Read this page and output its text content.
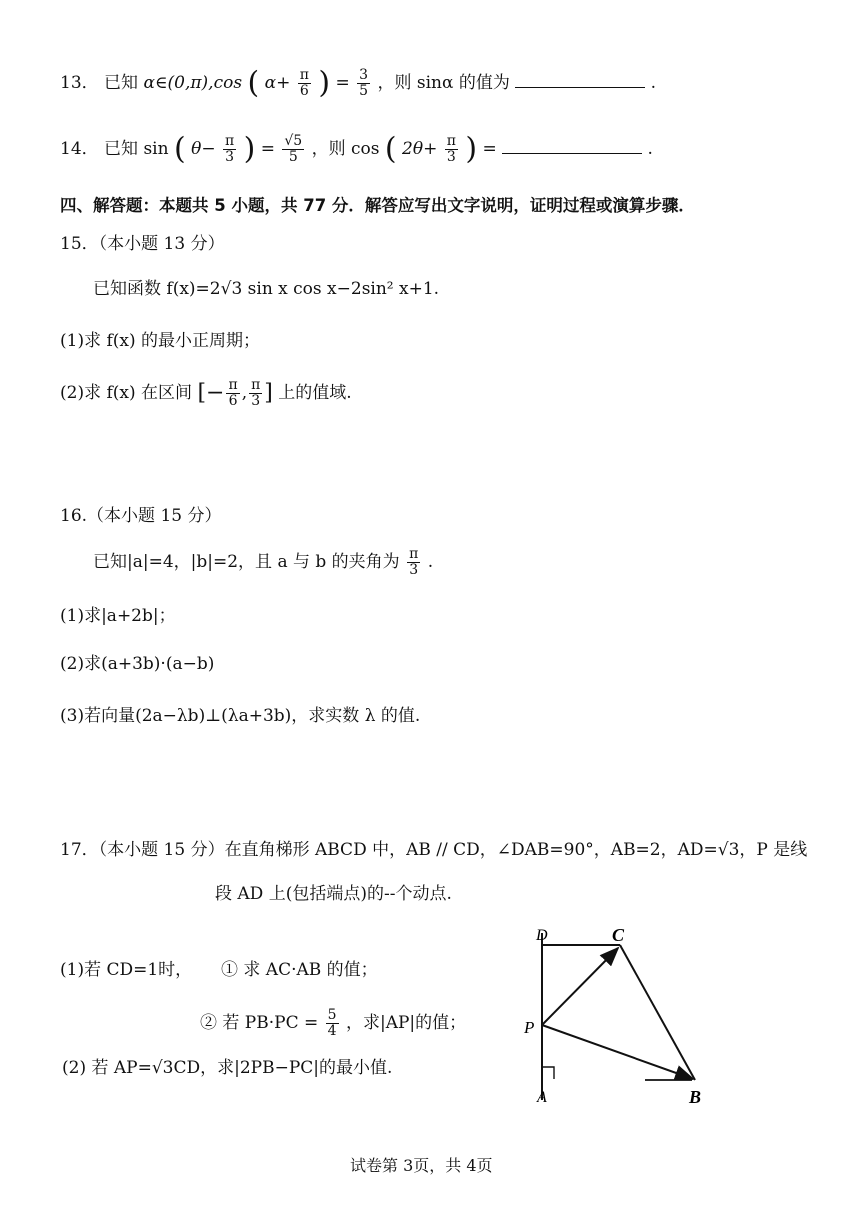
13． 已知 α∈(0,π),cos ( $\alpha+ \frac{\pi}{6}$ ) = $\frac{3}{5}$ ，则 sinα 的值为	.
14． 已知 sin ( $\theta- \frac{\pi}{3}$ ) = $\frac{√5}{5}$ ，则 cos ( $2\theta+ \frac{\pi}{3}$ ) =	.
四、解答题：本题共 5 小题，共 77 分．解答应写出文字说明，证明过程或演算步骤．
15．（本小题 13 分）
已知函数 f(x)=2√3 sin x cos x−2sin² x+1.
(1)求 f(x) 的最小正周期；
(2)求 f(x) 在区间 [− $\frac{\pi}{6}$ , $\frac{\pi}{3}$ ] 上的值域.
16.（本小题 15 分）
已知|a|=4，|b|=2，且 a 与 b 的夹角为 $\frac{\pi}{3}$ .
(1)求|a+2b|；
(2)求(a+3b)·(a−b)
(3)若向量(2a−λb)⊥(λa+3b)，求实数 λ 的值.
17．（本小题 15 分）在直角梯形 ABCD 中，AB // CD，∠DAB=90°，AB=2，AD=√3，P 是线
段 AD 上(包括端点)的--个动点.
(1)若 CD=1时， ① 求 AC·AB 的值；
② 若 $PB\cdot PC = \frac{5}{4}$ ，求|AP|的值；
(2) 若 AP=√3CD，求|2PB−PC|的最小值.
D	C
P
A	B
试卷第 3页，共 4页
